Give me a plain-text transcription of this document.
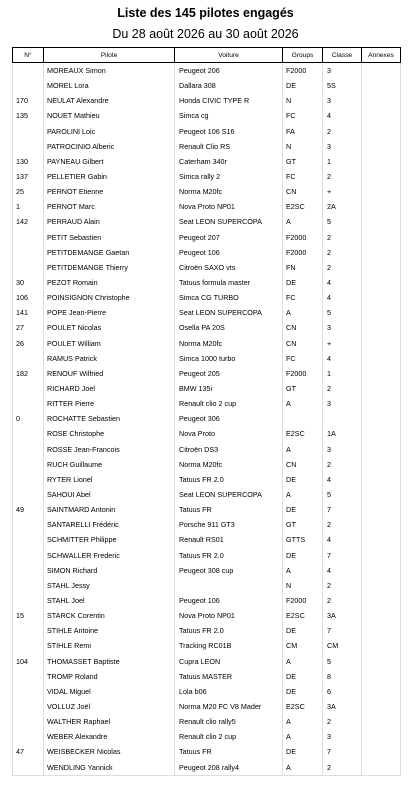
Liste des 145 pilotes engagés
Du 28 août 2026 au 30 août 2026
N°	Pilote	Voiture	Groups	Classe	Annexes
	MOREAUX Simon	Peugeot 206	F2000	3	
	MOREL Lora	Dallara 308	DE	5S	
170	NEULAT Alexandre	Honda CIVIC TYPE R	N	3	
135	NOUET Mathieu	Simca cg	FC	4	
	PAROLINI Loic	Peugeot 106 S16	FA	2	
	PATROCINIO Alberic	Renault Clio RS	N	3	
130	PAYNEAU Gilbert	Caterham 340r	GT	1	
137	PELLETIER Gabin	Simca rally 2	FC	2	
25	PERNOT Etienne	Norma M20fc	CN	+	
1	PERNOT Marc	Nova Proto NP01	E2SC	2A	
142	PERRAUD Alain	Seat LEON SUPERCOPA	A	5	
	PETIT Sebastien	Peugeot 207	F2000	2	
	PETITDEMANGE Gaetan	Peugeot 106	F2000	2	
	PETITDEMANGE Thierry	Citroën SAXO vts	FN	2	
30	PEZOT Romain	Tatuus formula master	DE	4	
106	POINSIGNON Christophe	Simca CG TURBO	FC	4	
141	POPE Jean-Pierre	Seat LEON SUPERCOPA	A	5	
27	POULET Nicolas	Osella PA 20S	CN	3	
26	POULET William	Norma M20fc	CN	+	
	RAMUS Patrick	Simca 1000 turbo	FC	4	
182	RENOUF Wilfried	Peugeot 205	F2000	1	
	RICHARD Joel	BMW 135i	GT	2	
	RITTER Pierre	Renault clio 2 cup	A	3	
0	ROCHATTE Sebastien	Peugeot 306			
	ROSE Christophe	Nova Proto	E2SC	1A	
	ROSSE Jean-Francois	Citroën DS3	A	3	
	RUCH Guillaume	Norma M20fc	CN	2	
	RYTER Lionel	Tatuus FR 2.0	DE	4	
	SAHOUI Abel	Seat LEON SUPERCOPA	A	5	
49	SAINTMARD Antonin	Tatuus FR	DE	7	
	SANTARELLI Frédéric	Porsche 911 GT3	GT	2	
	SCHMITTER Philippe	Renault RS01	GTTS	4	
	SCHWALLER Frederic	Tatuus FR 2.0	DE	7	
	SIMON Richard	Peugeot 308 cup	A	4	
	STAHL Jessy		N	2	
	STAHL Joel	Peugeot 106	F2000	2	
15	STARCK Corentin	Nova Proto NP01	E2SC	3A	
	STIHLE Antoine	Tatuus FR 2.0	DE	7	
	STIHLE Remi	Tracking RC01B	CM	CM	
104	THOMASSET Baptiste	Cupra LEON	A	5	
	TROMP Roland	Tatuus MASTER	DE	8	
	VIDAL Miguel	Lola b06	DE	6	
	VOLLUZ Joël	Norma M20 FC V8 Mader	E2SC	3A	
	WALTHER Raphael	Renault clio rally5	A	2	
	WEBER Alexandre	Renault clio 2 cup	A	3	
47	WEISBECKER Nicolas	Tatuus FR	DE	7	
	WENDLING Yannick	Peugeot 208 rally4	A	2	
